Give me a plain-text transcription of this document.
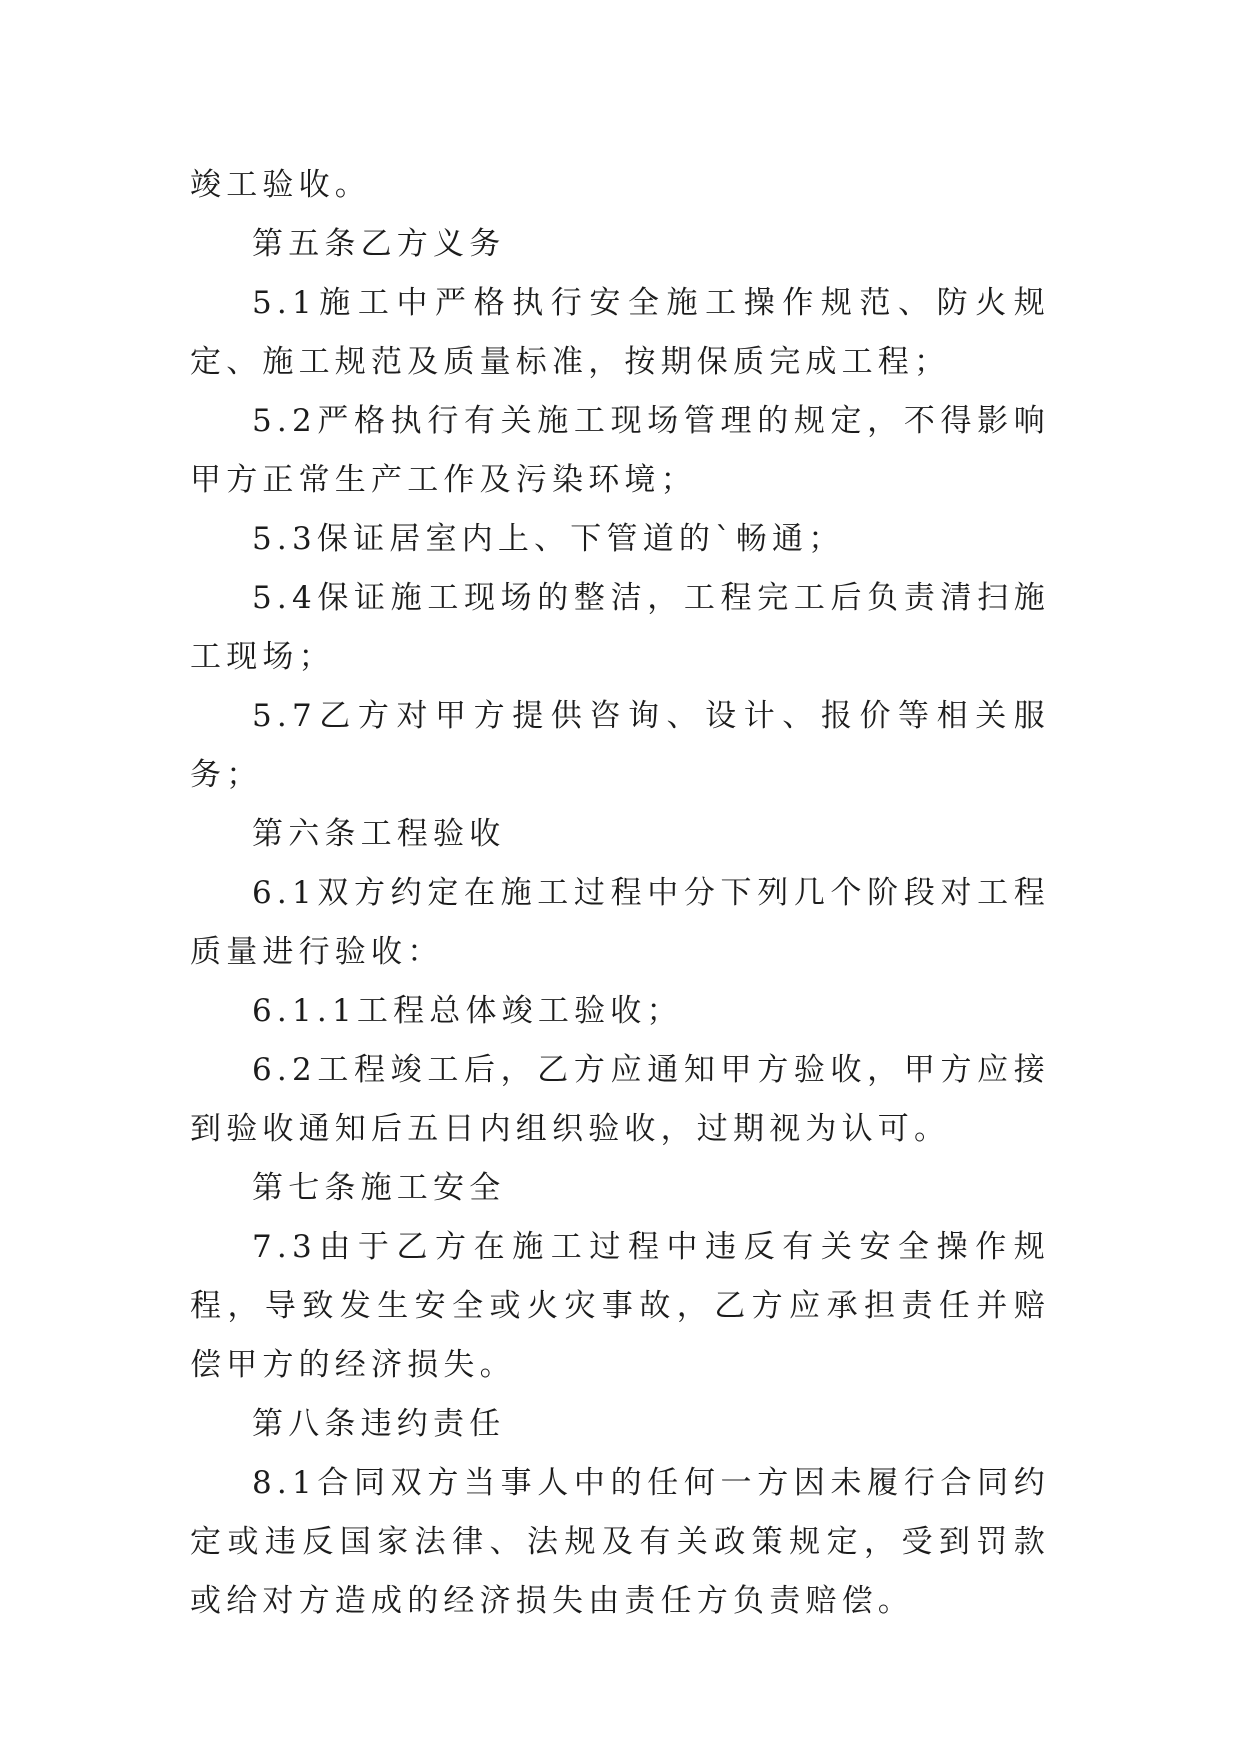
竣工验收。

第五条乙方义务

5.1施工中严格执行安全施工操作规范、防火规定、施工规范及质量标准，按期保质完成工程；

5.2严格执行有关施工现场管理的规定，不得影响甲方正常生产工作及污染环境；

5.3保证居室内上、下管道的`畅通；

5.4保证施工现场的整洁，工程完工后负责清扫施工现场；

5.7乙方对甲方提供咨询、设计、报价等相关服务；

第六条工程验收

6.1双方约定在施工过程中分下列几个阶段对工程质量进行验收：

6.1.1工程总体竣工验收；

6.2工程竣工后，乙方应通知甲方验收，甲方应接到验收通知后五日内组织验收，过期视为认可。

第七条施工安全

7.3由于乙方在施工过程中违反有关安全操作规程，导致发生安全或火灾事故，乙方应承担责任并赔偿甲方的经济损失。

第八条违约责任

8.1合同双方当事人中的任何一方因未履行合同约定或违反国家法律、法规及有关政策规定，受到罚款或给对方造成的经济损失由责任方负责赔偿。
